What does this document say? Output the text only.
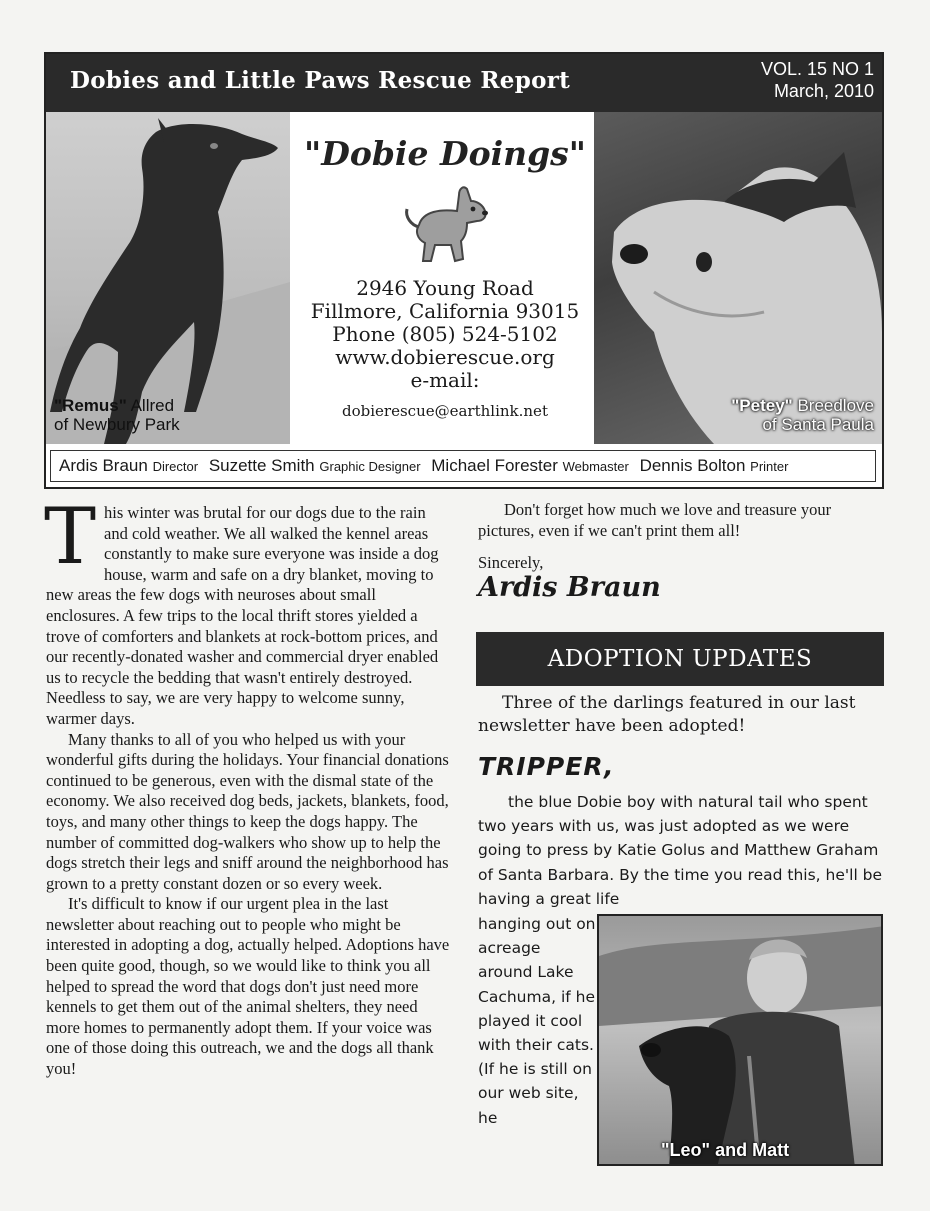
Dobies and Little Paws Rescue Report	VOL. 15 NO 1
March, 2010
"Remus" Allred
of Newbury Park
"Dobie Doings"
2946 Young Road
Fillmore, California 93015
Phone (805) 524-5102
www.dobierescue.org
e-mail:
dobierescue@earthlink.net	"Petey" Breedlove
of Santa Paula
Ardis Braun Director Suzette Smith Graphic Designer Michael Forester Webmaster Dennis Bolton Printer

This winter was brutal for our dogs due to the rain and cold weather. We all walked the kennel areas constantly to make sure everyone was inside a dog house, warm and safe on a dry blanket, moving to new areas the few dogs with neuroses about small enclosures. A few trips to the local thrift stores yielded a trove of comforters and blankets at rock-bottom prices, and our recently-donated washer and commercial dryer enabled us to recycle the bedding that wasn't entirely destroyed. Needless to say, we are very happy to welcome sunny, warmer days.

Many thanks to all of you who helped us with your wonderful gifts during the holidays. Your financial donations continued to be generous, even with the dismal state of the economy. We also received dog beds, jackets, blankets, food, toys, and many other things to keep the dogs happy. The number of committed dog-walkers who show up to help the dogs stretch their legs and sniff around the neighborhood has grown to a pretty constant dozen or so every week.

It's difficult to know if our urgent plea in the last newsletter about reaching out to people who might be interested in adopting a dog, actually helped. Adoptions have been quite good, though, so we would like to think you all helped to spread the word that dogs don't just need more kennels to get them out of the animal shelters, they need more homes to permanently adopt them. If your voice was one of those doing this outreach, we and the dogs all thank you!

Don't forget how much we love and treasure your pictures, even if we can't print them all!

Sincerely,

Ardis Braun
ADOPTION UPDATES
Three of the darlings featured in our last newsletter have been adopted!
TRIPPER,
the blue Dobie boy with natural tail who spent two years with us, was just adopted as we were going to press by Katie Golus and Matthew Graham of Santa Barbara. By the time you read this, he'll be having a great life
hanging out on acreage around Lake Cachuma, if he played it cool with their cats. (If he is still on our web site, he
"Leo" and Matt
